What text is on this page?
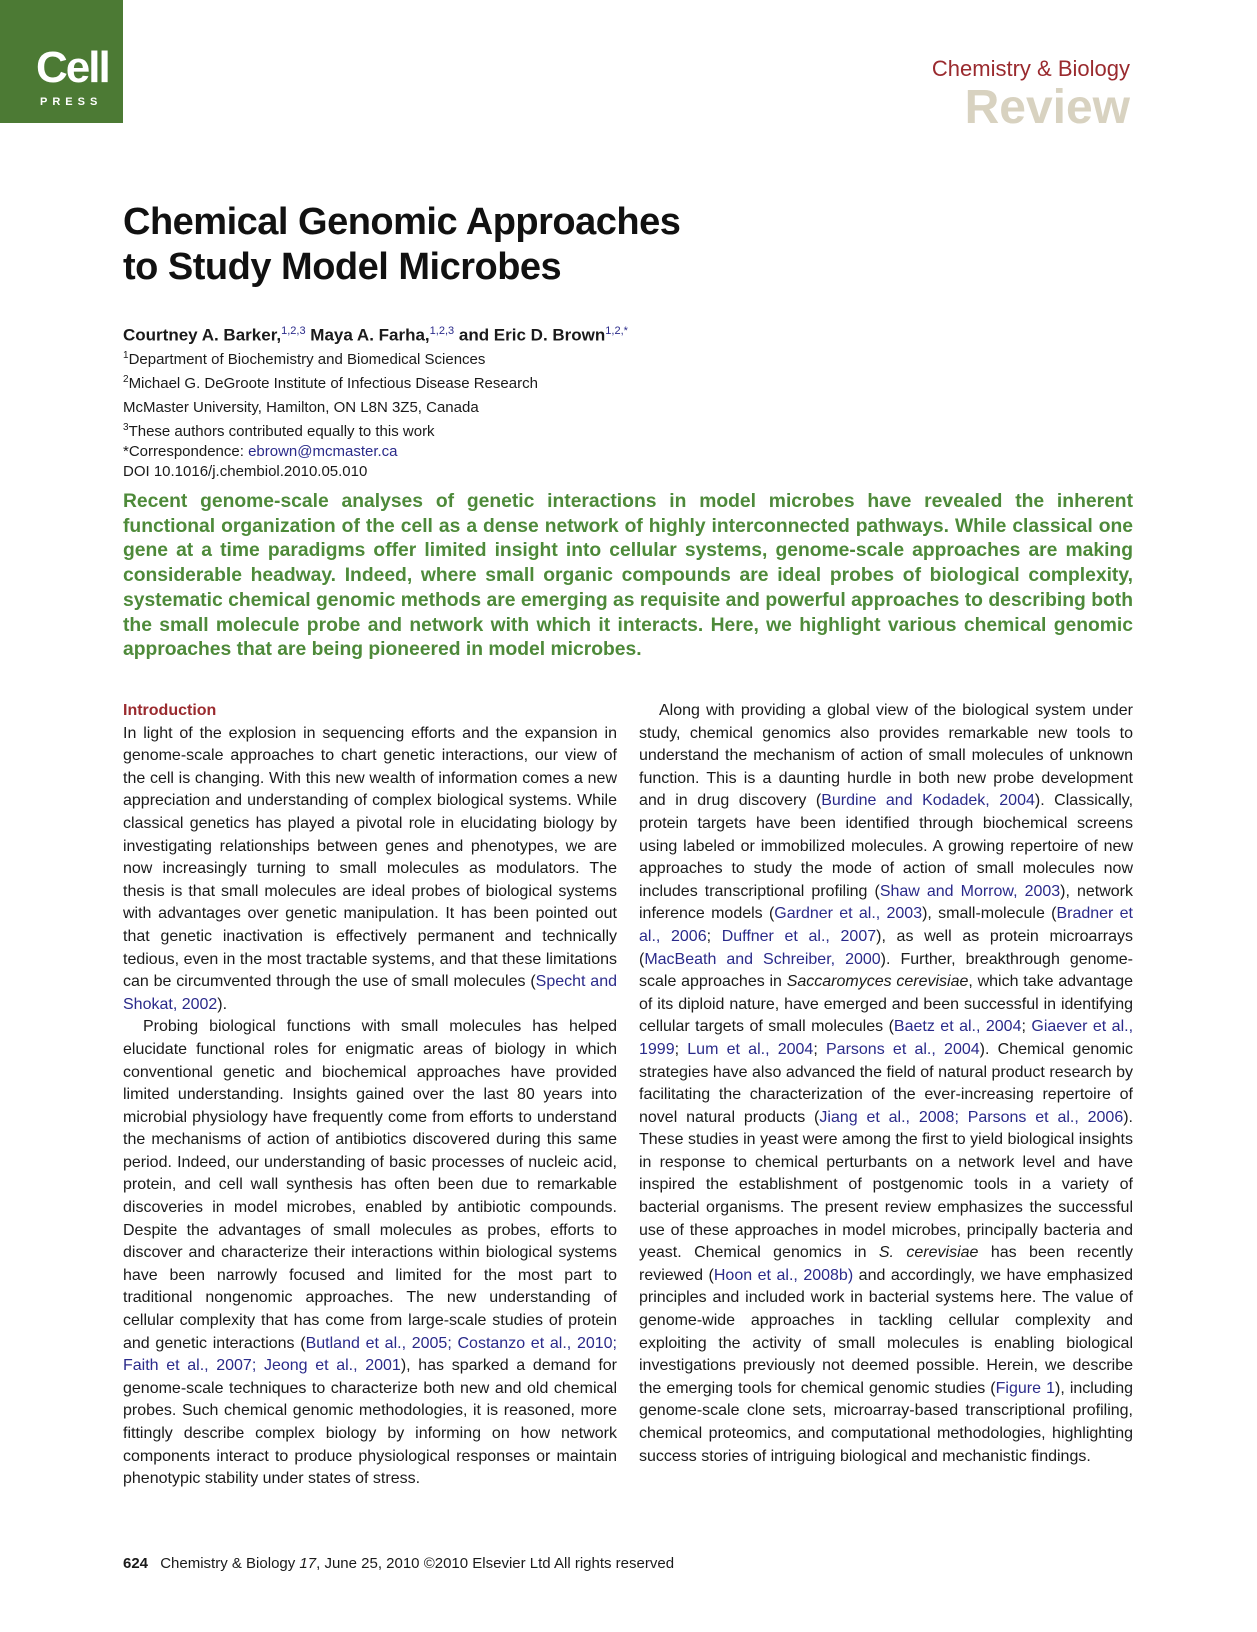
Cell
PRESS
Chemistry & Biology
Review
Chemical Genomic Approaches
to Study Model Microbes
Courtney A. Barker,$^{1,2,3}$ Maya A. Farha,$^{1,2,3}$ and Eric D. Brown$^{1,2,*}$
$^1$Department of Biochemistry and Biomedical Sciences
$^2$Michael G. DeGroote Institute of Infectious Disease Research
McMaster University, Hamilton, ON L8N 3Z5, Canada
$^3$These authors contributed equally to this work
*Correspondence: ebrown@mcmaster.ca
DOI 10.1016/j.chembiol.2010.05.010

Recent genome-scale analyses of genetic interactions in model microbes have revealed the inherent functional organization of the cell as a dense network of highly interconnected pathways. While classical one gene at a time paradigms offer limited insight into cellular systems, genome-scale approaches are making considerable headway. Indeed, where small organic compounds are ideal probes of biological complexity, systematic chemical genomic methods are emerging as requisite and powerful approaches to describing both the small molecule probe and network with which it interacts. Here, we highlight various chemical genomic approaches that are being pioneered in model microbes.

Introduction

In light of the explosion in sequencing efforts and the expansion in genome-scale approaches to chart genetic interactions, our view of the cell is changing. With this new wealth of information comes a new appreciation and understanding of complex biological systems. While classical genetics has played a pivotal role in elucidating biology by investigating relationships between genes and phenotypes, we are now increasingly turning to small molecules as modulators. The thesis is that small molecules are ideal probes of biological systems with advantages over genetic manipulation. It has been pointed out that genetic inactivation is effectively permanent and technically tedious, even in the most tractable systems, and that these limitations can be circumvented through the use of small molecules (Specht and Shokat, 2002).

Probing biological functions with small molecules has helped elucidate functional roles for enigmatic areas of biology in which conventional genetic and biochemical approaches have provided limited understanding. Insights gained over the last 80 years into microbial physiology have frequently come from efforts to understand the mechanisms of action of antibiotics discovered during this same period. Indeed, our understanding of basic processes of nucleic acid, protein, and cell wall synthesis has often been due to remarkable discoveries in model microbes, enabled by antibiotic compounds. Despite the advantages of small molecules as probes, efforts to discover and characterize their interactions within biological systems have been narrowly focused and limited for the most part to traditional nongenomic approaches. The new understanding of cellular complexity that has come from large-scale studies of protein and genetic interactions (Butland et al., 2005; Costanzo et al., 2010; Faith et al., 2007; Jeong et al., 2001), has sparked a demand for genome-scale techniques to characterize both new and old chemical probes. Such chemical genomic methodologies, it is reasoned, more fittingly describe complex biology by informing on how network components interact to produce physiological responses or maintain phenotypic stability under states of stress.

Along with providing a global view of the biological system under study, chemical genomics also provides remarkable new tools to understand the mechanism of action of small molecules of unknown function. This is a daunting hurdle in both new probe development and in drug discovery (Burdine and Kodadek, 2004). Classically, protein targets have been identified through biochemical screens using labeled or immobilized molecules. A growing repertoire of new approaches to study the mode of action of small molecules now includes transcriptional profiling (Shaw and Morrow, 2003), network inference models (Gardner et al., 2003), small-molecule (Bradner et al., 2006; Duffner et al., 2007), as well as protein microarrays (MacBeath and Schreiber, 2000). Further, breakthrough genome-scale approaches in Saccaromyces cerevisiae, which take advantage of its diploid nature, have emerged and been successful in identifying cellular targets of small molecules (Baetz et al., 2004; Giaever et al., 1999; Lum et al., 2004; Parsons et al., 2004). Chemical genomic strategies have also advanced the field of natural product research by facilitating the characterization of the ever-increasing repertoire of novel natural products (Jiang et al., 2008; Parsons et al., 2006). These studies in yeast were among the first to yield biological insights in response to chemical perturbants on a network level and have inspired the establishment of postgenomic tools in a variety of bacterial organisms. The present review emphasizes the successful use of these approaches in model microbes, principally bacteria and yeast. Chemical genomics in S. cerevisiae has been recently reviewed (Hoon et al., 2008b) and accordingly, we have emphasized principles and included work in bacterial systems here. The value of genome-wide approaches in tackling cellular complexity and exploiting the activity of small molecules is enabling biological investigations previously not deemed possible. Herein, we describe the emerging tools for chemical genomic studies (Figure 1), including genome-scale clone sets, microarray-based transcriptional profiling, chemical proteomics, and computational methodologies, highlighting success stories of intriguing biological and mechanistic findings.

624 Chemistry & Biology 17, June 25, 2010 ©2010 Elsevier Ltd All rights reserved
